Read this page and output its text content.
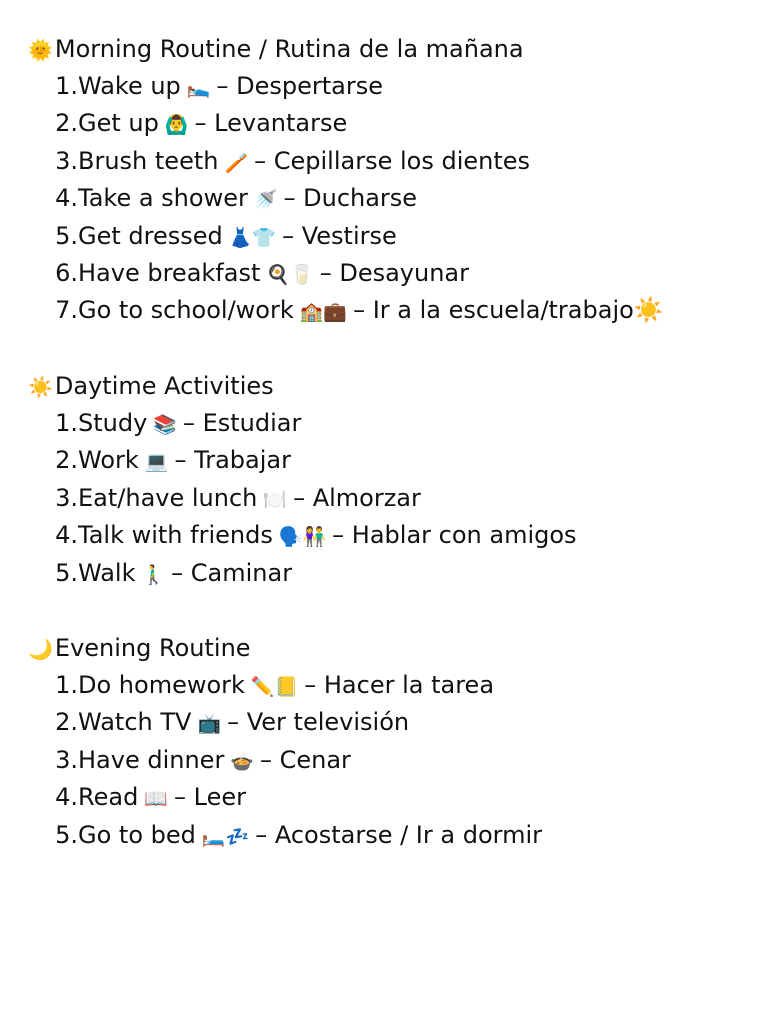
🌞Morning Routine / Rutina de la mañana
1. Wake up 🛌 – Despertarse
2. Get up 🙆‍♂️ – Levantarse
3. Brush teeth 🪥 – Cepillarse los dientes
4. Take a shower 🚿 – Ducharse
5. Get dressed 👗👕 – Vestirse
6. Have breakfast 🍳🥛 – Desayunar
7. Go to school/work 🏫💼 – Ir a la escuela/trabajo☀️
☀️Daytime Activities
1. Study 📚 – Estudiar
2. Work 💻 – Trabajar
3. Eat/have lunch 🍽️ – Almorzar
4. Talk with friends 🗣️👫 – Hablar con amigos
5. Walk 🚶‍♂️ – Caminar
🌙Evening Routine
1. Do homework ✏️📒 – Hacer la tarea
2. Watch TV 📺 – Ver televisión
3. Have dinner 🍲 – Cenar
4. Read 📖 – Leer
5. Go to bed 🛏️💤 – Acostarse / Ir a dormir
